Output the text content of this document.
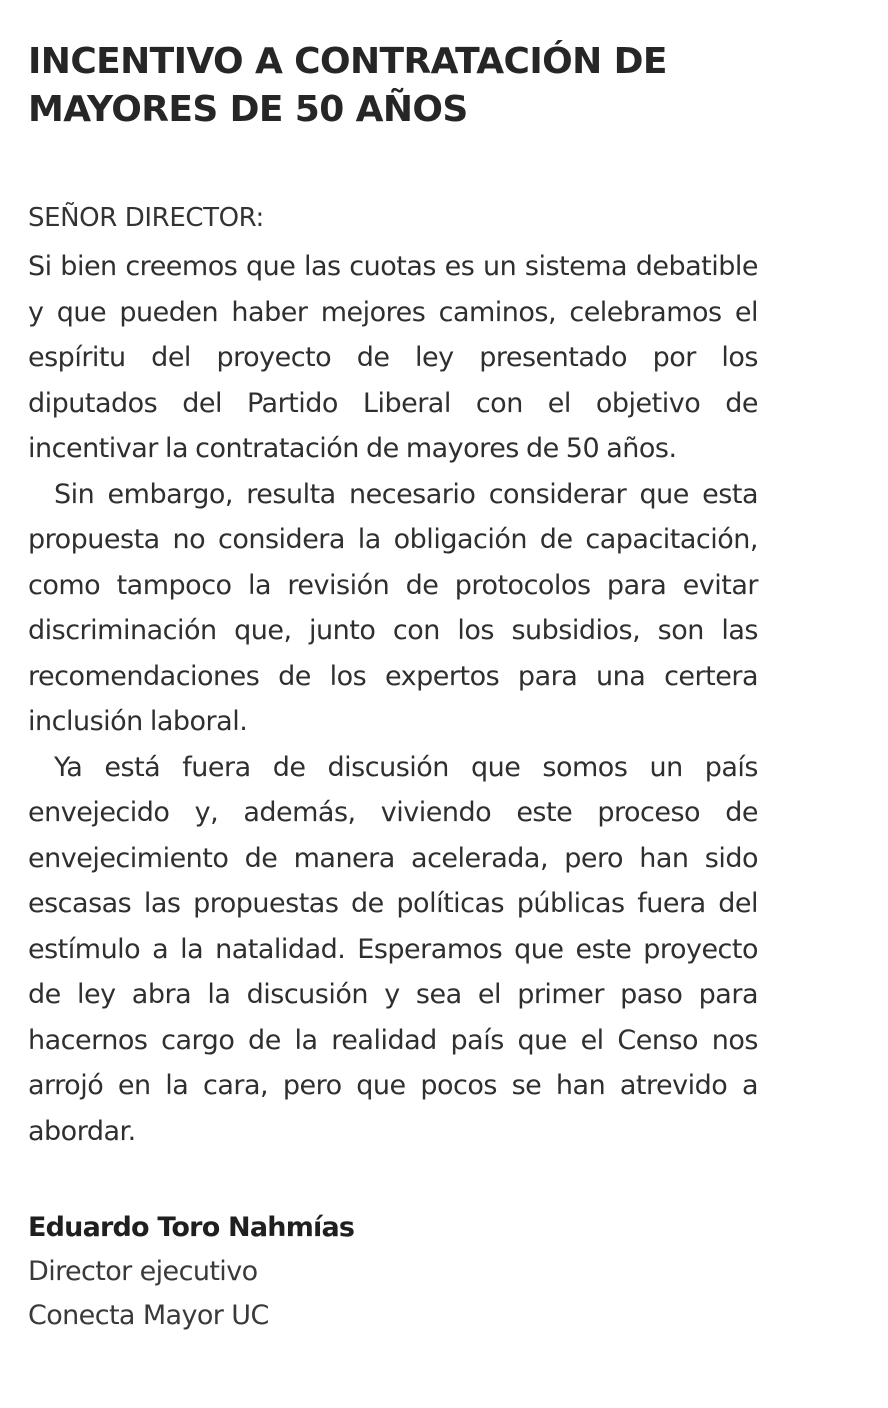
INCENTIVO A CONTRATACIÓN DE MAYORES DE 50 AÑOS
SEÑOR DIRECTOR:

Si bien creemos que las cuotas es un sistema debatible y que pueden haber mejores caminos, celebramos el espíritu del proyecto de ley presentado por los diputados del Partido Liberal con el objetivo de incentivar la contratación de mayores de 50 años.

Sin embargo, resulta necesario considerar que esta propuesta no considera la obligación de capacitación, como tampoco la revisión de protocolos para evitar discriminación que, junto con los subsidios, son las recomendaciones de los expertos para una certera inclusión laboral.

Ya está fuera de discusión que somos un país envejecido y, además, viviendo este proceso de envejecimiento de manera acelerada, pero han sido escasas las propuestas de políticas públicas fuera del estímulo a la natalidad. Esperamos que este proyecto de ley abra la discusión y sea el primer paso para hacernos cargo de la realidad país que el Censo nos arrojó en la cara, pero que pocos se han atrevido a abordar.

Eduardo Toro Nahmías
Director ejecutivo
Conecta Mayor UC
